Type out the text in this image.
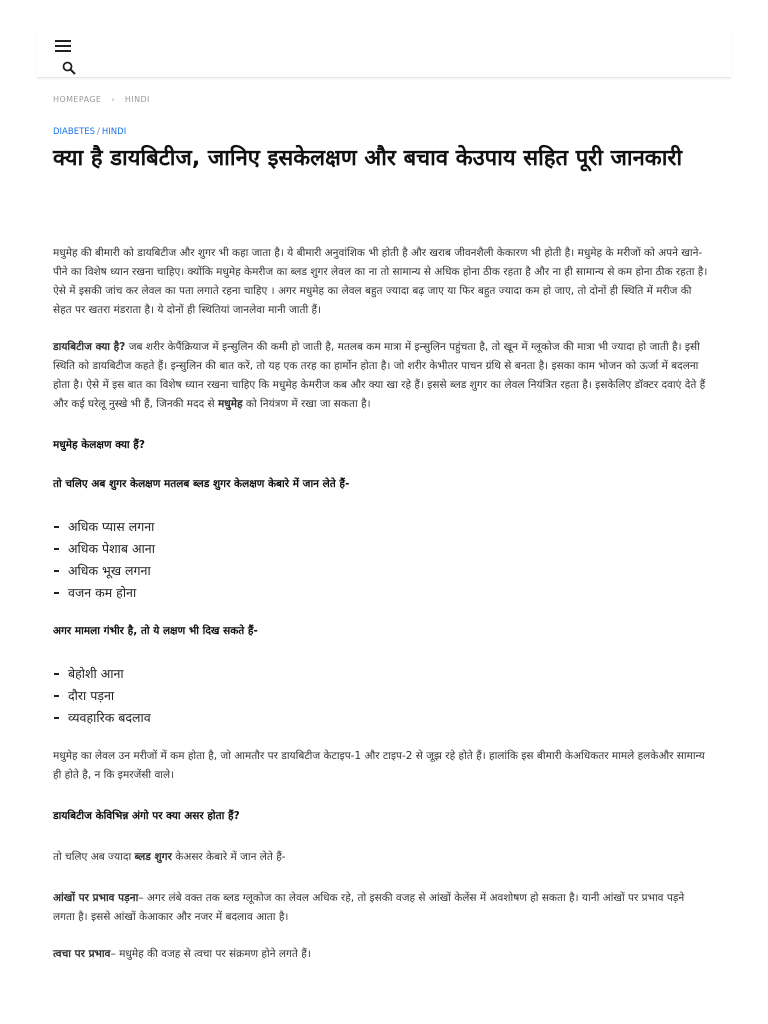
HOMEPAGE › HINDI
DIABETES / HINDI
क्या है डायबिटीज, जानिए इसकेलक्षण और बचाव केउपाय सहित पूरी जानकारी

मधुमेह की बीमारी को डायबिटीज और शुगर भी कहा जाता है। ये बीमारी अनुवांशिक भी होती है और खराब जीवनशैली केकारण भी होती है। मधुमेह के मरीजों को अपने खाने-पीने का विशेष ध्यान रखना चाहिए। क्योंकि मधुमेह केमरीज का ब्लड शुगर लेवल का ना तो सामान्य से अधिक होना ठीक रहता है और ना ही सामान्य से कम होना ठीक रहता है। ऐसे में इसकी जांच कर लेवल का पता लगाते रहना चाहिए । अगर मधुमेह का लेवल बहुत ज्यादा बढ़ जाए या फिर बहुत ज्यादा कम हो जाए, तो दोनों ही स्थिति में मरीज की सेहत पर खतरा मंडराता है। ये दोनों ही स्थितियां जानलेवा मानी जाती हैं।

डायबिटीज क्या है? जब शरीर केपैंक्रियाज में इन्सुलिन की कमी हो जाती है, मतलब कम मात्रा में इन्सुलिन पहुंचता है, तो खून में ग्लूकोज की मात्रा भी ज्यादा हो जाती है। इसी स्थिति को डायबिटीज कहते हैं। इन्सुलिन की बात करें, तो यह एक तरह का हार्मोन होता है। जो शरीर केभीतर पाचन ग्रंथि से बनता है। इसका काम भोजन को ऊर्जा में बदलना होता है। ऐसे में इस बात का विशेष ध्यान रखना चाहिए कि मधुमेह केमरीज कब और क्या खा रहे हैं। इससे ब्लड शुगर का लेवल नियंत्रित रहता है। इसकेलिए डॉक्टर दवाएं देते हैं और कई घरेलू नुस्खे भी हैं, जिनकी मदद से मधुमेह को नियंत्रण में रखा जा सकता है।

मधुमेह केलक्षण क्या हैं?

तो चलिए अब शुगर केलक्षण मतलब ब्लड शुगर केलक्षण केबारे में जान लेते हैं-

अधिक प्यास लगना
अधिक पेशाब आना
अधिक भूख लगना
वजन कम होना

अगर मामला गंभीर है, तो ये लक्षण भी दिख सकते हैं-

बेहोशी आना
दौरा पड़ना
व्यवहारिक बदलाव

मधुमेह का लेवल उन मरीजों में कम होता है, जो आमतौर पर डायबिटीज केटाइप-1 और टाइप-2 से जूझ रहे होते हैं। हालांकि इस बीमारी केअधिकतर मामले हलकेऔर सामान्य ही होते है, न कि इमरजेंसी वाले।

डायबिटीज केविभिन्न अंगो पर क्या असर होता हैं?

तो चलिए अब ज्यादा ब्लड शुगर केअसर केबारे में जान लेते हैं-

आंखों पर प्रभाव पड़ना– अगर लंबे वक्त तक ब्लड ग्लूकोज का लेवल अधिक रहे, तो इसकी वजह से आंखों केलेंस में अवशोषण हो सकता है। यानी आंखों पर प्रभाव पड़ने लगता है। इससे आंखों केआकार और नजर में बदलाव आता है।

त्वचा पर प्रभाव– मधुमेह की वजह से त्वचा पर संक्रमण होने लगते हैं।
